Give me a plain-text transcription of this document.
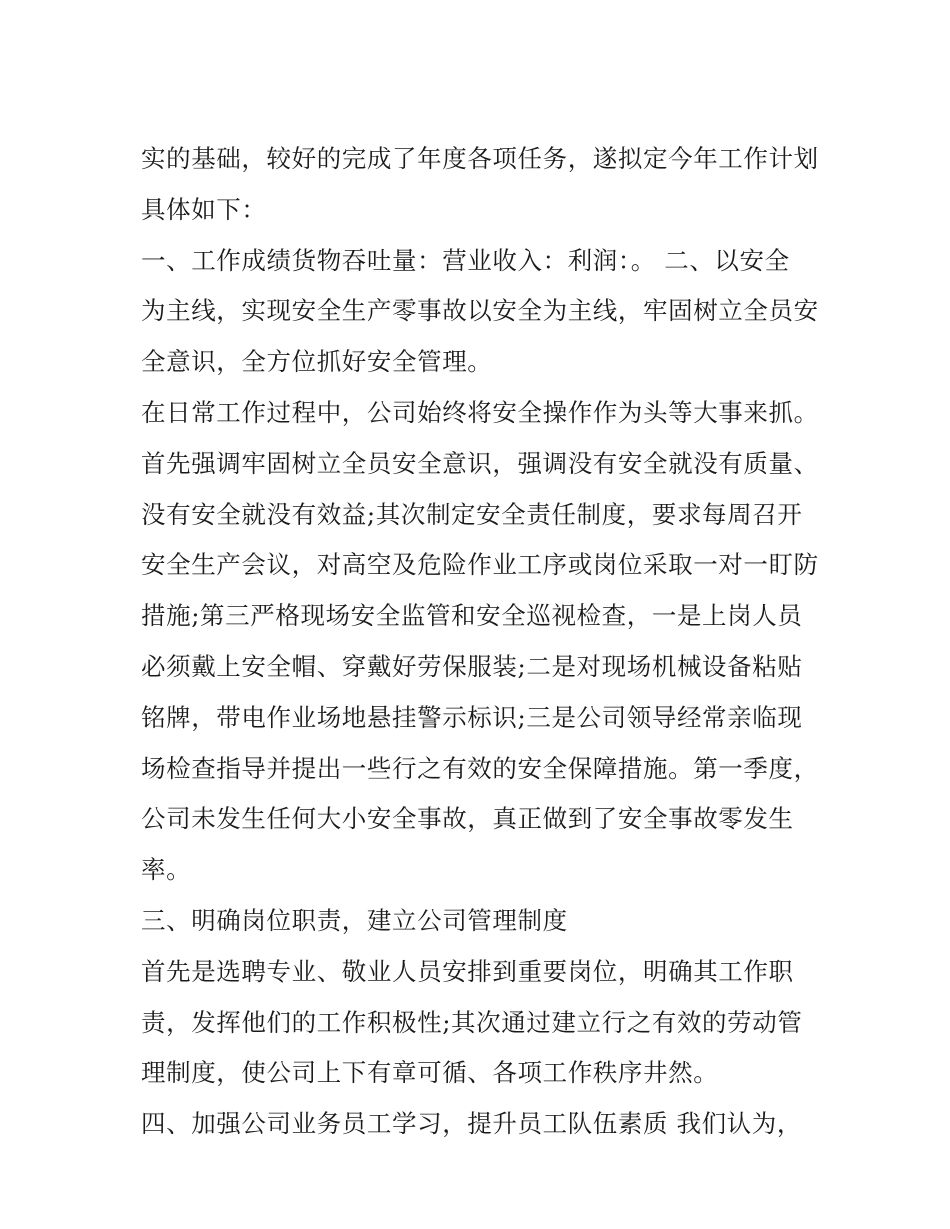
实的基础，较好的完成了年度各项任务，遂拟定今年工作计划
具体如下：
一、工作成绩货物吞吐量：营业收入：利润：。 二、以安全
为主线，实现安全生产零事故以安全为主线，牢固树立全员安
全意识，全方位抓好安全管理。
在日常工作过程中，公司始终将安全操作作为头等大事来抓。
首先强调牢固树立全员安全意识，强调没有安全就没有质量、
没有安全就没有效益;其次制定安全责任制度，要求每周召开
安全生产会议，对高空及危险作业工序或岗位采取一对一盯防
措施;第三严格现场安全监管和安全巡视检查，一是上岗人员
必须戴上安全帽、穿戴好劳保服装;二是对现场机械设备粘贴
铭牌，带电作业场地悬挂警示标识;三是公司领导经常亲临现
场检查指导并提出一些行之有效的安全保障措施。第一季度，
公司未发生任何大小安全事故，真正做到了安全事故零发生
率。
三、明确岗位职责，建立公司管理制度
首先是选聘专业、敬业人员安排到重要岗位，明确其工作职
责，发挥他们的工作积极性;其次通过建立行之有效的劳动管
理制度，使公司上下有章可循、各项工作秩序井然。
四、加强公司业务员工学习，提升员工队伍素质 我们认为，
